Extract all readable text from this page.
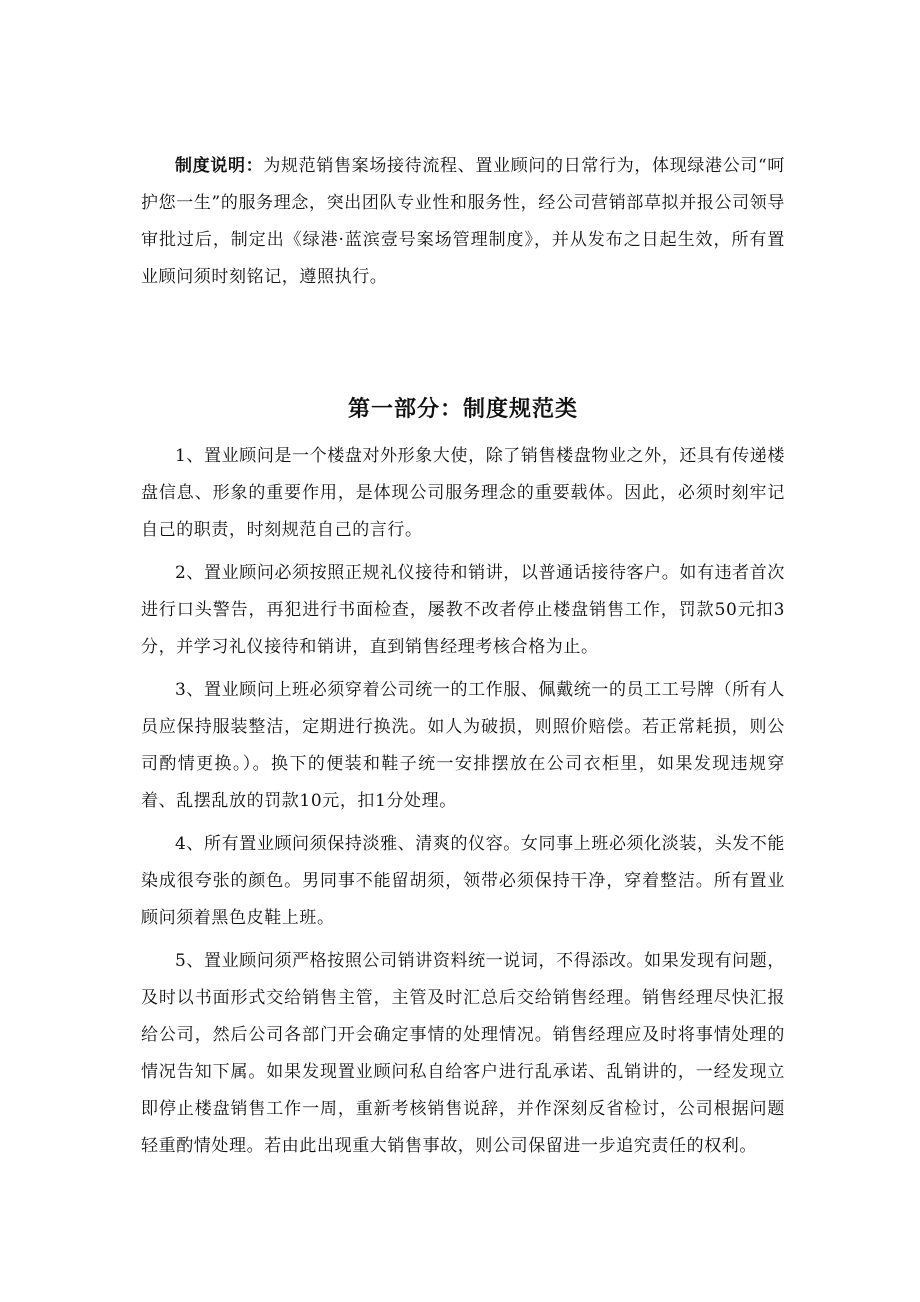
制度说明：为规范销售案场接待流程、置业顾问的日常行为，体现绿港公司“呵护您一生”的服务理念，突出团队专业性和服务性，经公司营销部草拟并报公司领导审批过后，制定出《绿港·蓝滨壹号案场管理制度》，并从发布之日起生效，所有置业顾问须时刻铭记，遵照执行。

第一部分：制度规范类

1、置业顾问是一个楼盘对外形象大使，除了销售楼盘物业之外，还具有传递楼盘信息、形象的重要作用，是体现公司服务理念的重要载体。因此，必须时刻牢记自己的职责，时刻规范自己的言行。

2、置业顾问必须按照正规礼仪接待和销讲，以普通话接待客户。如有违者首次进行口头警告，再犯进行书面检查，屡教不改者停止楼盘销售工作，罚款50元扣3分，并学习礼仪接待和销讲，直到销售经理考核合格为止。

3、置业顾问上班必须穿着公司统一的工作服、佩戴统一的员工工号牌（所有人员应保持服装整洁，定期进行换洗。如人为破损，则照价赔偿。若正常耗损，则公司酌情更换。）。换下的便装和鞋子统一安排摆放在公司衣柜里，如果发现违规穿着、乱摆乱放的罚款10元，扣1分处理。

4、所有置业顾问须保持淡雅、清爽的仪容。女同事上班必须化淡装，头发不能染成很夸张的颜色。男同事不能留胡须，领带必须保持干净，穿着整洁。所有置业顾问须着黑色皮鞋上班。

5、置业顾问须严格按照公司销讲资料统一说词，不得添改。如果发现有问题，及时以书面形式交给销售主管，主管及时汇总后交给销售经理。销售经理尽快汇报给公司，然后公司各部门开会确定事情的处理情况。销售经理应及时将事情处理的情况告知下属。如果发现置业顾问私自给客户进行乱承诺、乱销讲的，一经发现立即停止楼盘销售工作一周，重新考核销售说辞，并作深刻反省检讨，公司根据问题轻重酌情处理。若由此出现重大销售事故，则公司保留进一步追究责任的权利。
